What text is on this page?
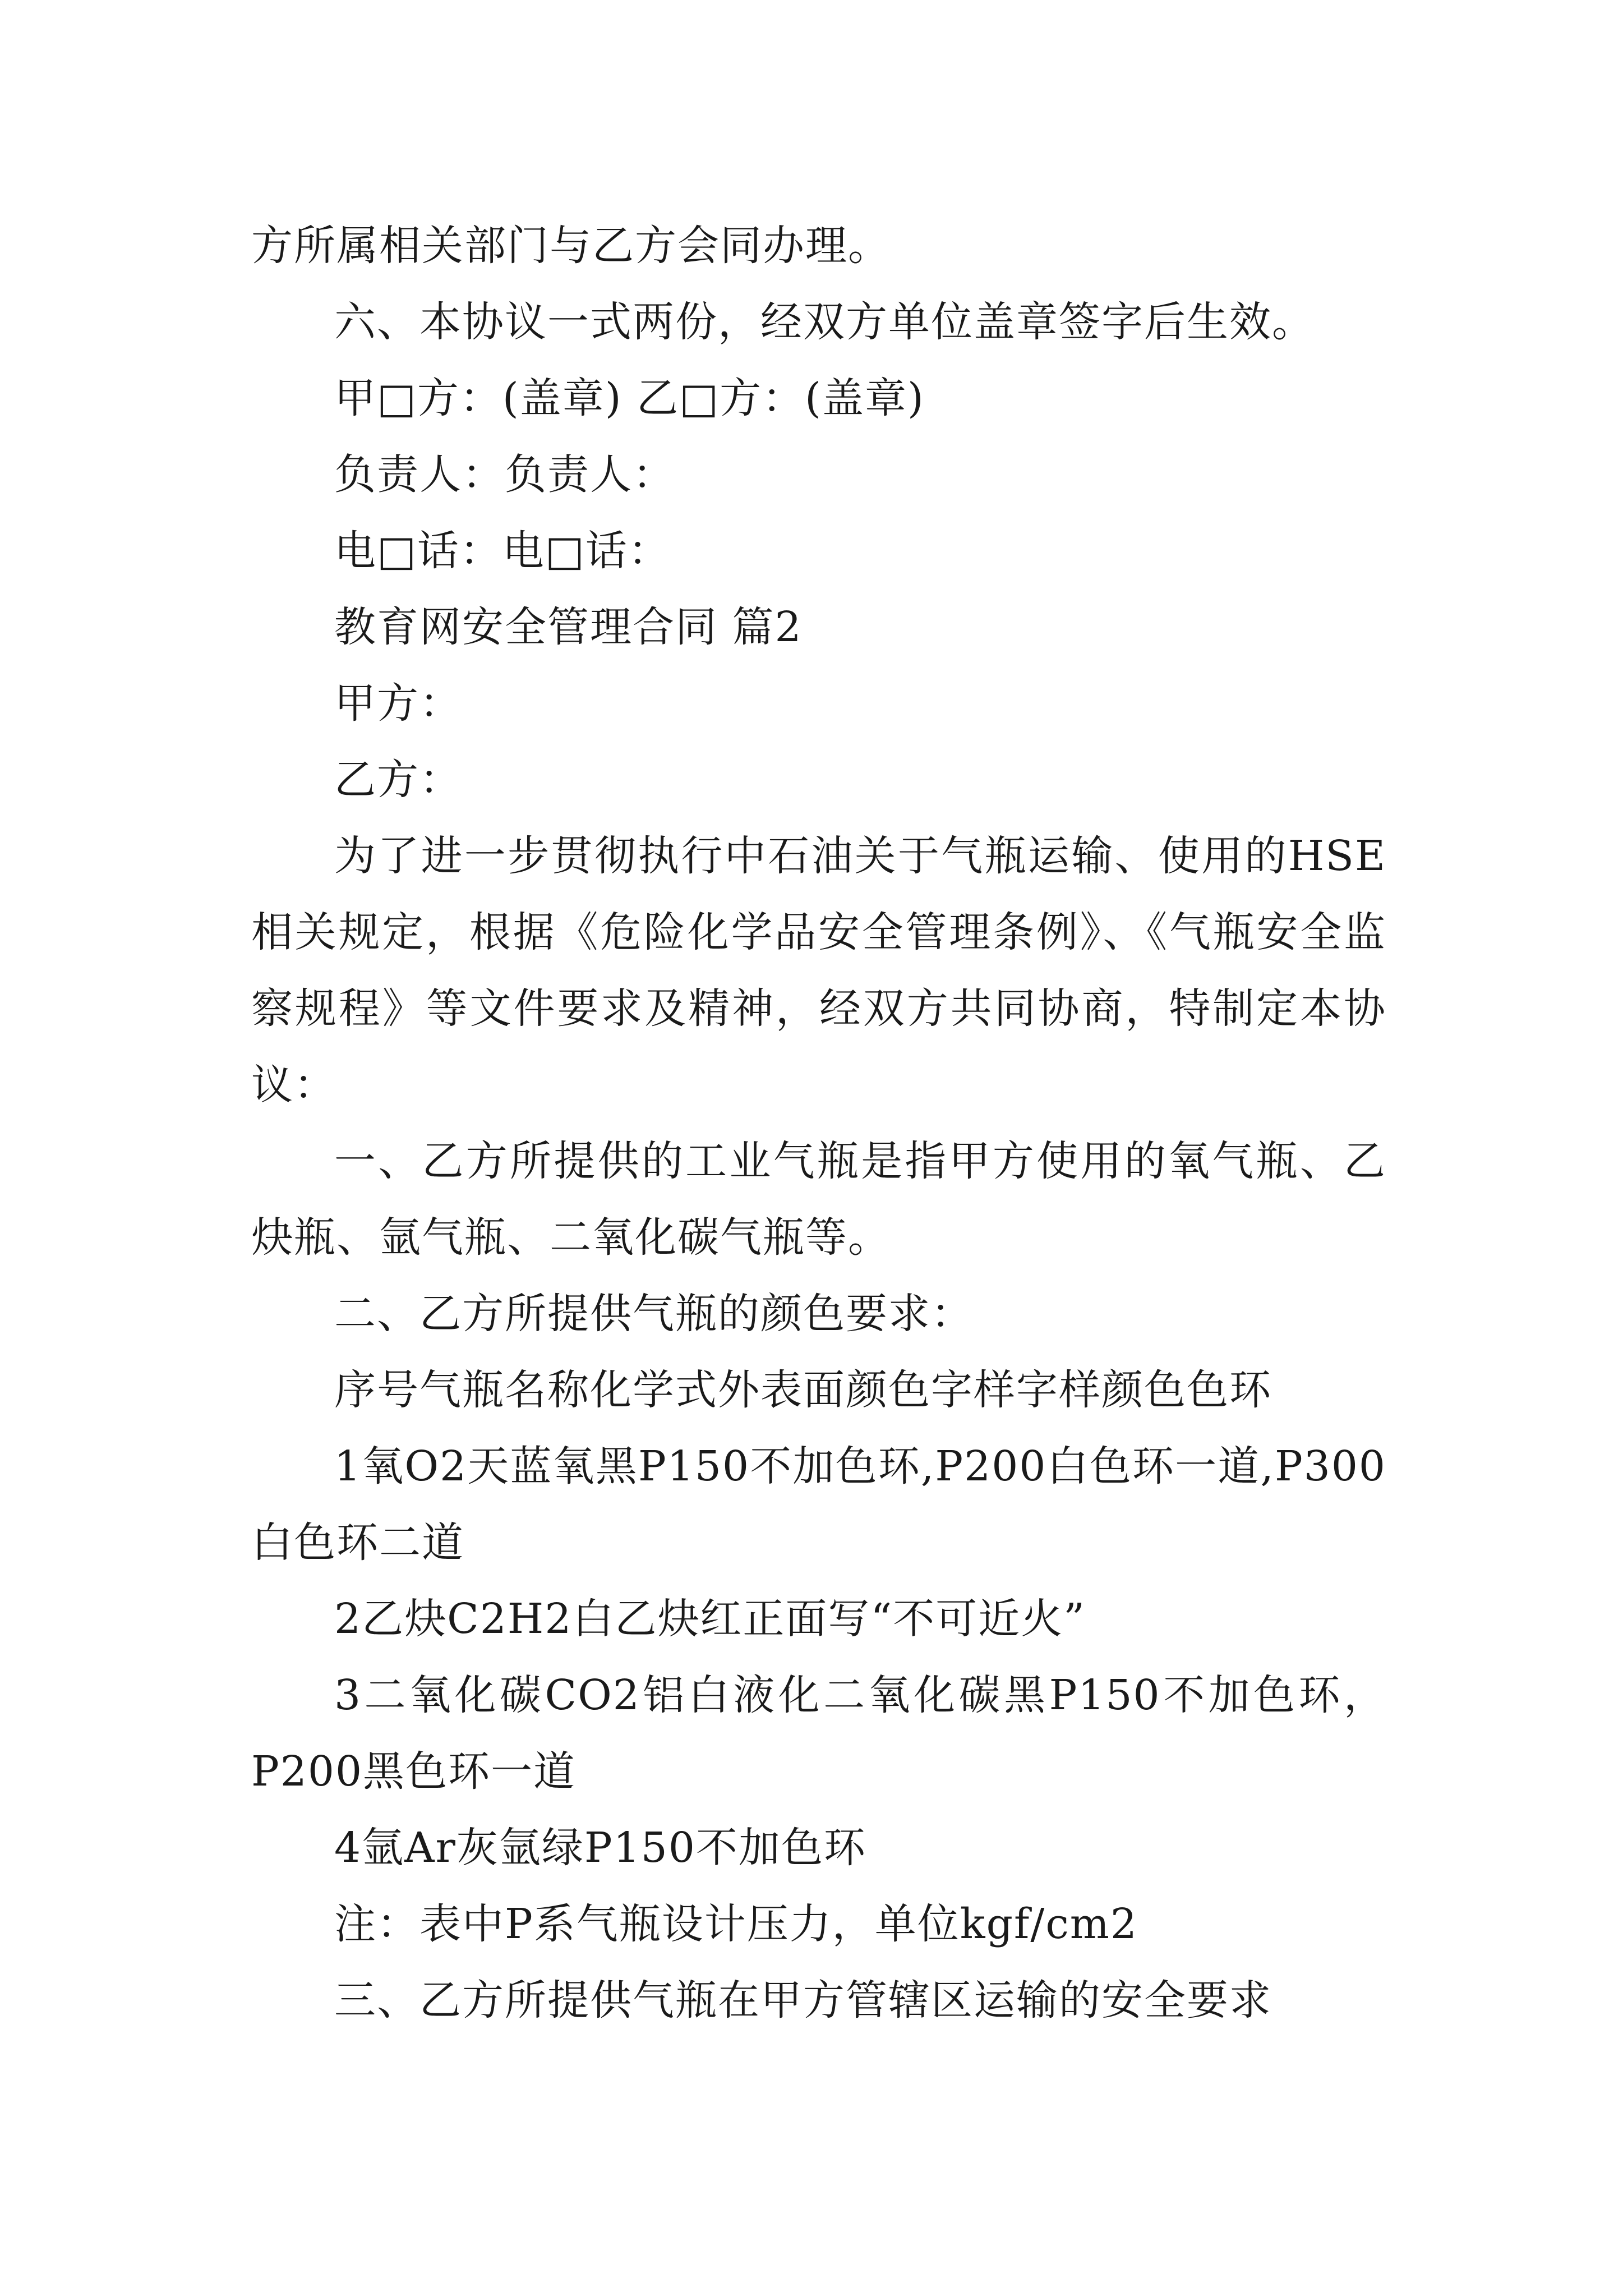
方所属相关部门与乙方会同办理。

六、本协议一式两份，经双方单位盖章签字后生效。

甲□方：(盖章) 乙□方：(盖章)

负责人：负责人：

电□话：电□话：

教育网安全管理合同 篇2

甲方：

乙方：

为了进一步贯彻执行中石油关于气瓶运输、使用的HSE相关规定，根据《危险化学品安全管理条例》、《气瓶安全监察规程》等文件要求及精神，经双方共同协商，特制定本协议：

一、乙方所提供的工业气瓶是指甲方使用的氧气瓶、乙炔瓶、氩气瓶、二氧化碳气瓶等。

二、乙方所提供气瓶的颜色要求：

序号气瓶名称化学式外表面颜色字样字样颜色色环

1氧O2天蓝氧黑P150不加色环,P200白色环一道,P300白色环二道

2乙炔C2H2白乙炔红正面写“不可近火”

3二氧化碳CO2铝白液化二氧化碳黑P150不加色环，P200黑色环一道

4氩Ar灰氩绿P150不加色环

注：表中P系气瓶设计压力，单位kgf/cm2

三、乙方所提供气瓶在甲方管辖区运输的安全要求
